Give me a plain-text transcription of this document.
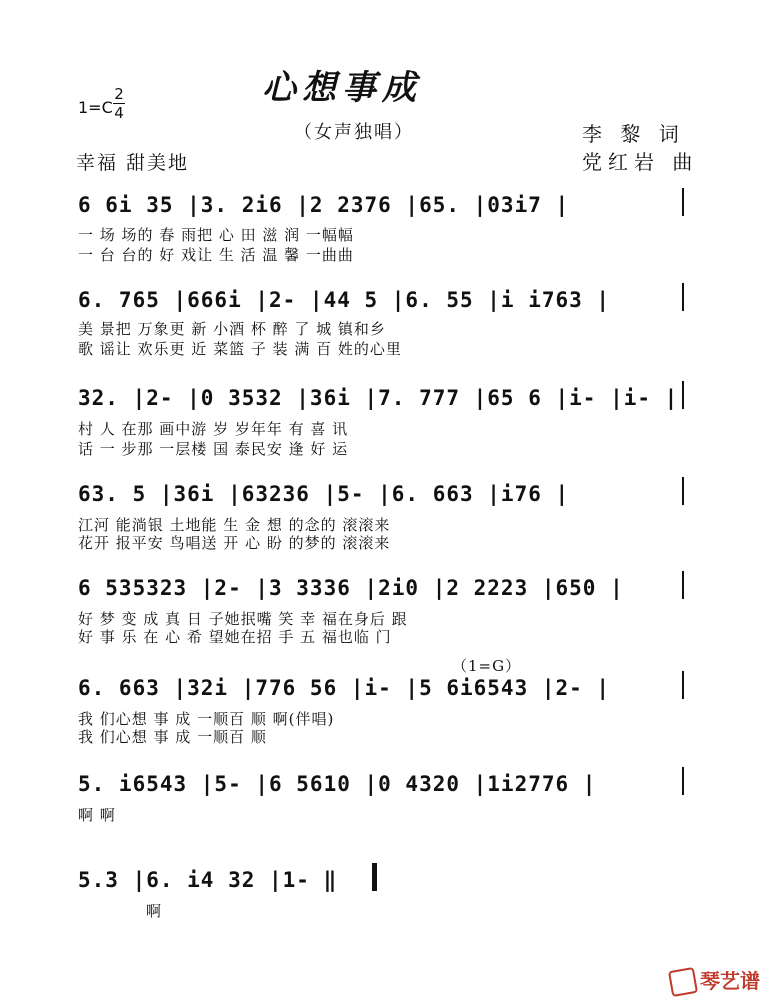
心想事成
（女声独唱）
1=C
2
4
李 黎 词
党红岩 曲
幸福 甜美地
6 6i 35 |3. 2i6 |2 2376 |65. |03i7 |
一 场 场的 春 雨把 心 田 滋 润 一幅幅
一 台 台的 好 戏让 生 活 温 馨 一曲曲
6. 765 |666i |2- |44 5 |6. 55 |i i763 |
美 景把 万象更 新 小酒 杯 醉 了 城 镇和乡
歌 谣让 欢乐更 近 菜篮 子 装 满 百 姓的心里
32. |2- |0 3532 |36i |7. 777 |65 6 |i- |i- |
村 人 在那 画中游 岁 岁年年 有 喜 讯
话 一 步那 一层楼 国 泰民安 逢 好 运
63. 5 |36i |63236 |5- |6. 663 |i76 |
江河 能淌银 土地能 生 金 想 的念的 滚滚来
花开 报平安 鸟唱送 开 心 盼 的梦的 滚滚来
6 535323 |2- |3 3336 |2i0 |2 2223 |650 |
好 梦 变 成 真 日 子她抿嘴 笑 幸 福在身后 跟
好 事 乐 在 心 希 望她在招 手 五 福也临 门
（1=G）
6. 663 |32i |776 56 |i- |5 6i6543 |2- |
我 们心想 事 成 一顺百 顺 啊(伴唱)
我 们心想 事 成 一顺百 顺
5. i6543 |5- |6 5610 |0 4320 |1i2776 |
啊 啊
5.3 |6. i4 32 |1- ‖
啊
琴艺谱
